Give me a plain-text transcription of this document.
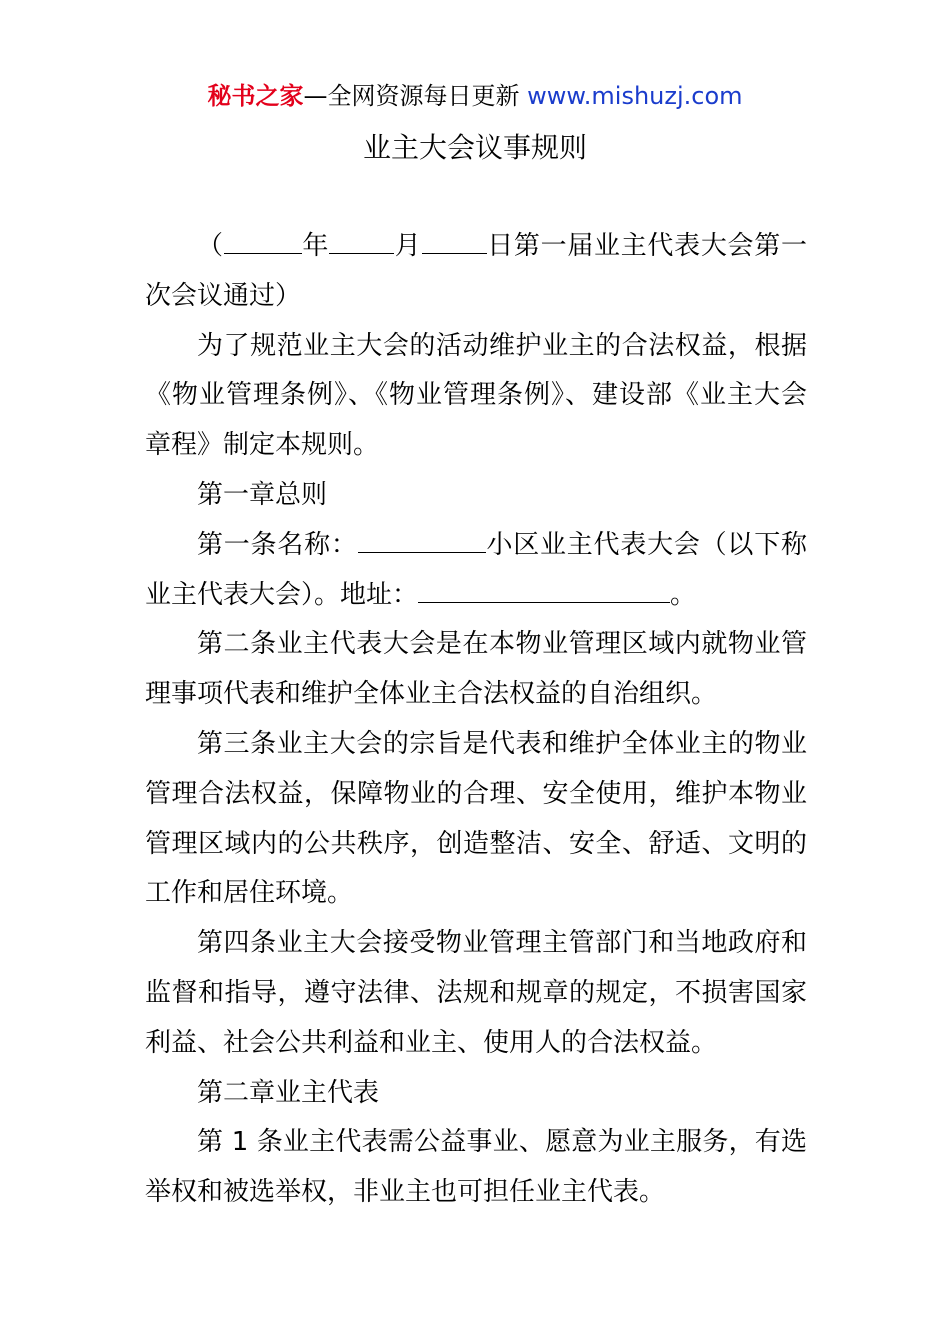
秘书之家—全网资源每日更新 www.mishuzj.com
业主大会议事规则

（	年	月	日第一届业主代表大会第一次会议通过）

为了规范业主大会的活动维护业主的合法权益，根据《物业管理条例》、《物业管理条例》、建设部《业主大会章程》制定本规则。

第一章总则

第一条名称：	小区业主代表大会（以下称业主代表大会）。地址：	。

第二条业主代表大会是在本物业管理区域内就物业管理事项代表和维护全体业主合法权益的自治组织。

第三条业主大会的宗旨是代表和维护全体业主的物业管理合法权益，保障物业的合理、安全使用，维护本物业管理区域内的公共秩序，创造整洁、安全、舒适、文明的工作和居住环境。

第四条业主大会接受物业管理主管部门和当地政府和监督和指导，遵守法律、法规和规章的规定，不损害国家利益、社会公共利益和业主、使用人的合法权益。

第二章业主代表

第 1 条业主代表需公益事业、愿意为业主服务，有选举权和被选举权，非业主也可担任业主代表。
